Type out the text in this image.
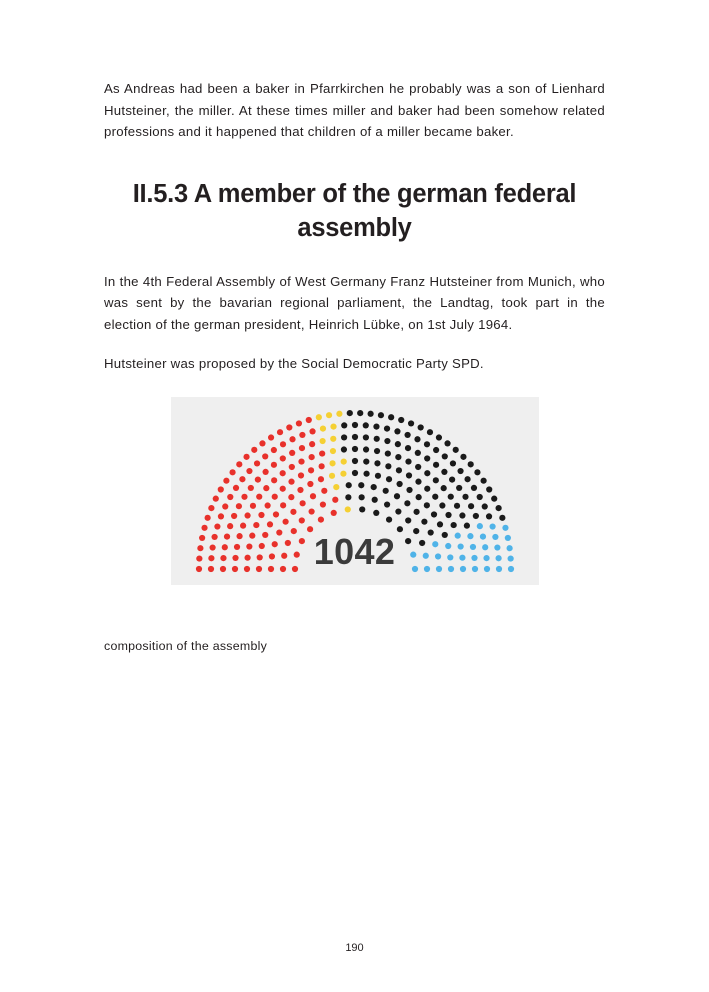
As Andreas had been a baker in Pfarrkirchen he probably was a son of Lienhard Hutsteiner, the miller. At these times miller and baker had been somehow related professions and it happened that children of a miller became baker.

II.5.3 A member of the german federal assembly

In the 4th Federal Assembly of West Germany Franz Hutsteiner from Munich, who was sent by the bavarian regional parliament, the Landtag, took part in the election of the german president, Heinrich Lübke, on 1st July 1964.

Hutsteiner was proposed by the Social Democratic Party SPD.

1042
composition of the assembly
190
